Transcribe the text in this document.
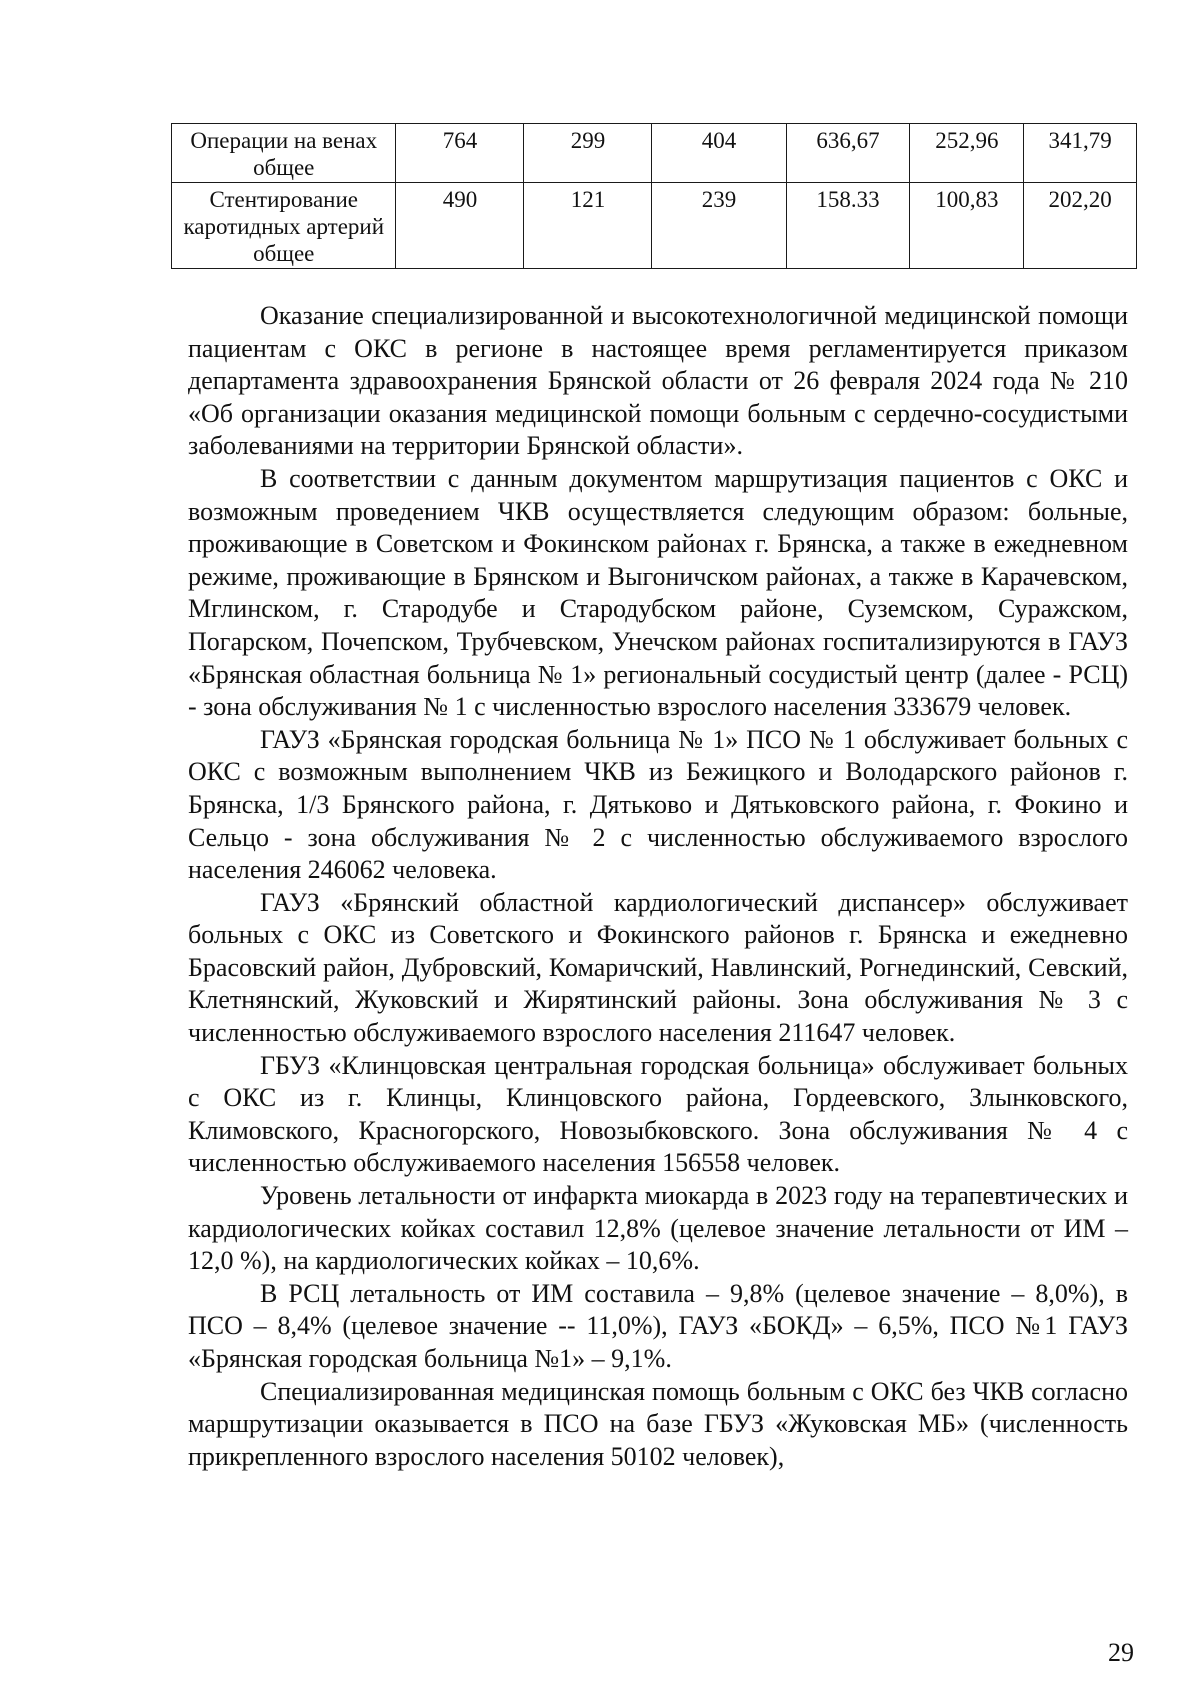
Операции на венах общее	764	299	404	636,67	252,96	341,79
Стентирование каротидных артерий общее	490	121	239	158.33	100,83	202,20

Оказание специализированной и высокотехнологичной медицинской помощи пациентам с ОКС в регионе в настоящее время регламентируется приказом департамента здравоохранения Брянской области от 26 февраля 2024 года № 210 «Об организации оказания медицинской помощи больным с сердечно-сосудистыми заболеваниями на территории Брянской области».

В соответствии с данным документом маршрутизация пациентов с ОКС и возможным проведением ЧКВ осуществляется следующим образом: больные, проживающие в Советском и Фокинском районах г. Брянска, а также в ежедневном режиме, проживающие в Брянском и Выгоничском районах, а также в Карачевском, Мглинском, г. Стародубе и Стародубском районе, Суземском, Суражском, Погарском, Почепском, Трубчевском, Унечском районах госпитализируются в ГАУЗ «Брянская областная больница № 1» региональный сосудистый центр (далее - РСЦ) - зона обслуживания № 1 с численностью взрослого населения 333679 человек.

ГАУЗ «Брянская городская больница № 1» ПСО № 1 обслуживает больных с ОКС с возможным выполнением ЧКВ из Бежицкого и Володарского районов г. Брянска, 1/3 Брянского района, г. Дятьково и Дятьковского района, г. Фокино и Сельцо - зона обслуживания № 2 с численностью обслуживаемого взрослого населения 246062 человека.

ГАУЗ «Брянский областной кардиологический диспансер» обслуживает больных с ОКС из Советского и Фокинского районов г. Брянска и ежедневно Брасовский район, Дубровский, Комаричский, Навлинский, Рогнединский, Севский, Клетнянский, Жуковский и Жирятинский районы. Зона обслуживания № 3 с численностью обслуживаемого взрослого населения 211647 человек.

ГБУЗ «Клинцовская центральная городская больница» обслуживает больных с ОКС из г. Клинцы, Клинцовского района, Гордеевского, Злынковского, Климовского, Красногорского, Новозыбковского. Зона обслуживания № 4 с численностью обслуживаемого населения 156558 человек.

Уровень летальности от инфаркта миокарда в 2023 году на терапевтических и кардиологических койках составил 12,8% (целевое значение летальности от ИМ – 12,0 %), на кардиологических койках – 10,6%.

В РСЦ летальность от ИМ составила – 9,8% (целевое значение – 8,0%), в ПСО – 8,4% (целевое значение -- 11,0%), ГАУЗ «БОКД» – 6,5%, ПСО №1 ГАУЗ «Брянская городская больница №1» – 9,1%.

Специализированная медицинская помощь больным с ОКС без ЧКВ согласно маршрутизации оказывается в ПСО на базе ГБУЗ «Жуковская МБ» (численность прикрепленного взрослого населения 50102 человек),

29
